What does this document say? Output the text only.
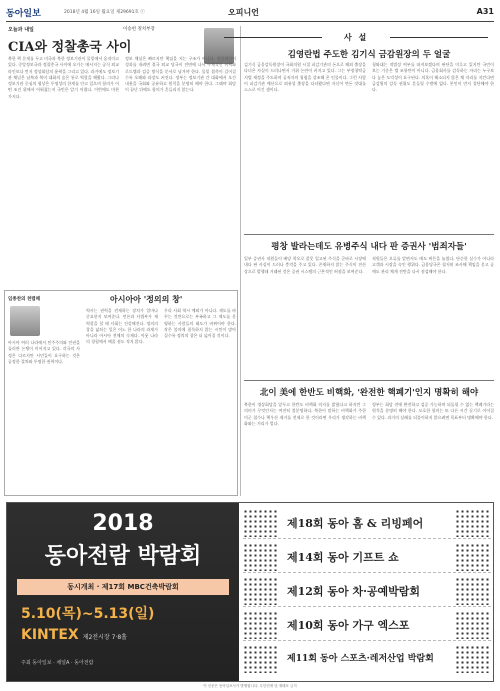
동아일보	2018년 4월 16일 월요일 제29691호 ⓒ	오피니언	A31
오늘과 내일	이승헌 정치부장
CIA와 정찰총국 사이
북한 핵 문제를 두고 미국과 북한 정보기관이 물밑에서 움직이고 있다. 중앙정보국과 정찰총국 사이에 오가는 메시지는 공식 외교 라인보다 먼저 정상회담의 윤곽을 그리고 있다. 과거에도 정보기관 채널은 남북과 북미 대화의 숨은 통로 역할을 해왔다. 그러나 정보기관 중심의 협상은 투명성의 한계를 안고 있으며 합의가 어떤 조건 위에서 이뤄졌는지 국민은 알기 어렵다. 이번에도 마찬가지다.
정보 채널은 빠르지만 책임을 지는 구조가 아니다. 정상회담이 성과를 내려면 결국 외교 당국이 전면에 나서 구체적인 비핵화 로드맵과 검증 방식을 문서로 남겨야 한다. 물밑 접촉이 길어질수록 오해와 과장도 커진다. 정부는 정보기관 간 대화에서 오간 내용을 국회와 공유하고 원칙을 분명히 해야 한다. 그래야 회담이 끝난 뒤에도 합의가 흔들리지 않는다.
사 설
김영란법 주도한 김기식 금감원장의 두 얼굴
김기식 금융감독원장이 국회의원 시절 피감기관의 돈으로 해외 출장을 다녀온 사실이 드러나면서 거취 논란이 커지고 있다. 그는 부정청탁금지법 제정을 주도하며 공직자의 청렴을 강조해 온 인물이다. 그런 사람이 피감기관 예산으로 외유성 출장을 다녀왔다면 자신이 만든 잣대를 스스로 어긴 셈이다.
청와대는 적법성 여부를 따져보겠다며 판단을 미루고 있지만 국민이 보는 기준은 법 조항만이 아니다. 금융회사를 감독하는 자리는 누구보다 높은 도덕성이 요구된다. 의혹이 해소되지 않은 채 자리를 지킨다면 금감원의 감독 권위도 흔들릴 수밖에 없다. 본인이 먼저 결단해야 한다.
평창 발라는데도 유병주식 내다 판 증권사 '범죄자들'
일부 증권사 직원들이 배당 착오로 잘못 입고된 주식을 곧바로 시장에 내다 판 사실이 드러나 충격을 주고 있다. 존재하지 않는 주식이 전산상으로 발행돼 거래된 것은 증권 시스템의 근본적인 허점을 보여준다.
직원들은 오류를 알면서도 매도 버튼을 눌렀다. 단순한 실수가 아니라 고객과 시장을 속인 행위다. 금융당국은 철저히 조사해 책임을 묻고 공매도 관리 체계 전반을 다시 점검해야 한다.
北이 美에 한반도 비핵화, '완전한 핵폐기'인지 명확히 해야
북한이 정상회담을 앞두고 한반도 비핵화 의지를 밝혔다고 하지만 그 의미가 무엇인지는 여전히 불분명하다. 북한이 말하는 비핵화가 주한미군 철수나 핵우산 제거를 전제로 한 것이라면 우리가 생각하는 비핵화와는 거리가 멀다.
정부는 회담 전에 완전하고 검증 가능하며 되돌릴 수 없는 핵폐기라는 원칙을 분명히 해야 한다. 모호한 합의는 또 다른 시간 끌기로 이어질 수 있다. 과거의 실패를 되풀이하지 않으려면 목표부터 명확해야 한다.
임종찬의 천렵해	아시아아 '정의의 창'
아시아 여러 나라에서 민주주의와 인권을 둘러싼 논쟁이 이어지고 있다. 각국의 사정은 다르지만 시민들이 요구하는 것은 공정한 절차와 투명한 권력이다.
역사는 권력을 견제하는 장치가 얼마나 중요한지 보여준다. 언론과 사법부가 제 역할을 할 때 사회는 건강해진다. 정의의 창을 넓히는 일은 어느 한 나라의 과제가 아니라 아시아 전체의 숙제다. 이웃 나라의 경험에서 배울 점도 적지 않다.
우리 사회 역시 예외가 아니다. 제도를 바꾸는 것만으로는 부족하고 그 제도를 운영하는 사람들의 태도가 바뀌어야 한다. 작은 불의에 침묵하지 않는 시민이 많아질수록 정의의 창은 더 넓어질 것이다.
2018
동아전람 박람회
동시개최 · 제17회 MBC건축박람회
5.10(목)~5.13(일)
KINTEX 제2전시장 7·8홀
주최 동아일보 · 채널A · 동아전람
제18회 동아 홈 & 리빙페어
제14회 동아 기프트 쇼
제12회 동아 차·공예박람회
제10회 동아 가구 엑스포
제11회 동아 스포츠·레저산업 박람회
이 신문은 동아일보사가 발행합니다. 무단전재 및 재배포 금지
